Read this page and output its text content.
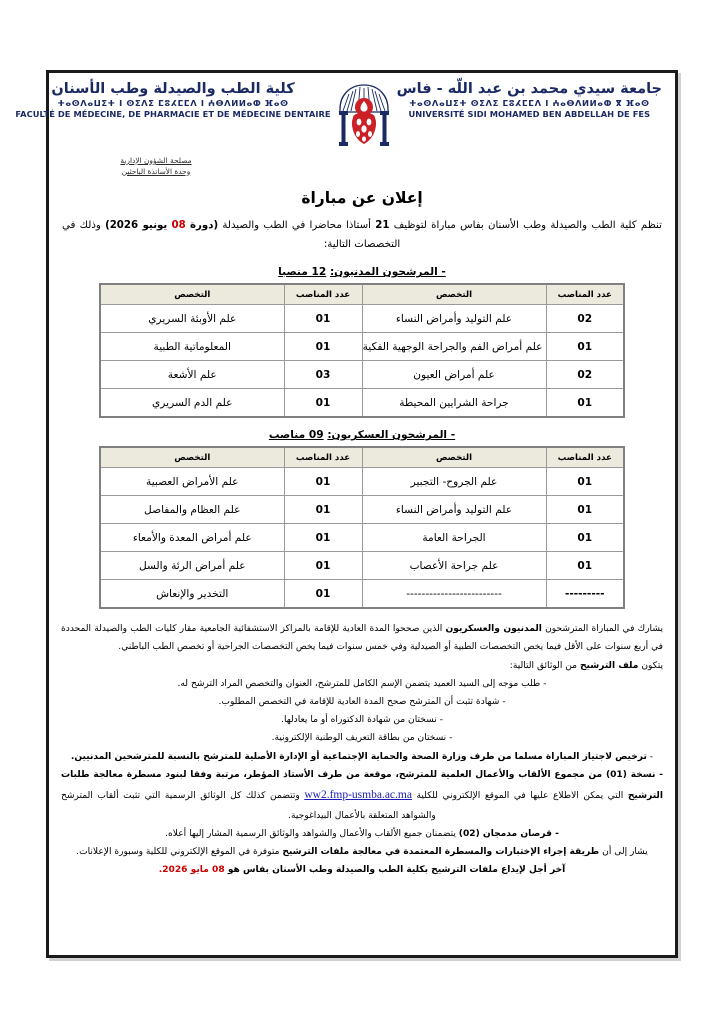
كلية الطب والصيدلة وطب الأسنان
ⵜⴰⵙⴷⴰⵡⵉⵜ ⵏ ⵙⵉⴷⵉ ⵎⵓⵃⵎⵎⴷ ⵏ ⵄⴱⴷⵍⵍⴰⵀ ⴼⴰⵙ
FACULTÉ DE MÉDECINE, DE PHARMACIE ET DE MÉDECINE DENTAIRE
جامعة سيدي محمد بن عبد اللّه - فاس
ⵜⴰⵙⴷⴰⵡⵉⵜ ⵙⵉⴷⵉ ⵎⵓⵃⵎⵎⴷ ⵏ ⵄⴰⴱⴷⵍⵍⴰⵀ ⴳ ⴼⴰⵙ
UNIVERSITÉ SIDI MOHAMED BEN ABDELLAH DE FES
مصلحة الشؤون الإدارية
وحدة الأساتذة الباحثين
إعلان عن مباراة
تنظم كلية الطب والصيدلة وطب الأسنان بفاس مباراة لتوظيف 21 أستاذا محاضرا في الطب والصيدلة (دورة 08 يونيو 2026) وذلك في التخصصات التالية:
- المرشحون المدنيون: 12 منصبا
عدد المناصب	التخصص	عدد المناصب	التخصص
02	علم التوليد وأمراض النساء	01	علم الأوبئة السريري
01	علم أمراض الفم والجراحة الوجهية الفكية	01	المعلوماتية الطبية
02	علم أمراض العيون	03	علم الأشعة
01	جراحة الشرايين المحيطة	01	علم الدم السريري
- المرشحون العسكريون: 09 مناصب
عدد المناصب	التخصص	عدد المناصب	التخصص
01	علم الجروح- التجبير	01	علم الأمراض العصبية
01	علم التوليد وأمراض النساء	01	علم العظام والمفاصل
01	الجراحة العامة	01	علم أمراض المعدة والأمعاء
01	علم جراحة الأعصاب	01	علم أمراض الرئة والسل
---------	-------------------------	01	التخدير والإنعاش

يشارك في المباراة المترشحون المدنيون والعسكريون الذين صححوا المدة العادية للإقامة بالمراكز الاستشفائية الجامعية مقار كليات الطب والصيدلة المحددة في أربع سنوات على الأقل فيما يخص التخصصات الطبية أو الصيدلية وفي خمس سنوات فيما يخص التخصصات الجراحية أو تخصص الطب الباطني.

يتكون ملف الترشيح من الوثائق التالية:

- طلب موجه إلى السيد العميد يتضمن الإسم الكامل للمترشح، العنوان والتخصص المراد الترشح له.

- شهادة تثبت أن المترشح صحح المدة العادية للإقامة في التخصص المطلوب.

- نسختان من شهادة الدكتوراه أو ما يعادلها.

- نسختان من بطاقة التعريف الوطنية الإلكترونية.

- ترخيص لاجتياز المباراة مسلما من طرف وزارة الصحة والحماية الإجتماعية أو الإدارة الأصلية للمترشح بالنسبة للمترشحين المدنيين.

- نسخة (01) من مجموع الألقاب والأعمال العلمية للمترشح، موقعة من طرف الأستاذ المؤطر، مرتبة وفقا لبنود مسطرة معالجة طلبات الترشيح التي يمكن الاطلاع عليها في الموقع الإلكتروني للكلية ww2.fmp-usmba.ac.ma وتتضمن كذلك كل الوثائق الرسمية التي تثبت ألقاب المترشح والشواهد المتعلقة بالأعمال البيداغوجية.

- قرصان مدمجان (02) يتضمنان جميع الألقاب والأعمال والشواهد والوثائق الرسمية المشار إليها أعلاه.

يشار إلى أن طريقة إجراء الإختبارات والمسطرة المعتمدة في معالجة ملفات الترشيح متوفرة في الموقع الإلكتروني للكلية وسبورة الإعلانات.

آخر أجل لإيداع ملفات الترشيح بكلية الطب والصيدلة وطب الأسنان بفاس هو 08 مايو 2026.
